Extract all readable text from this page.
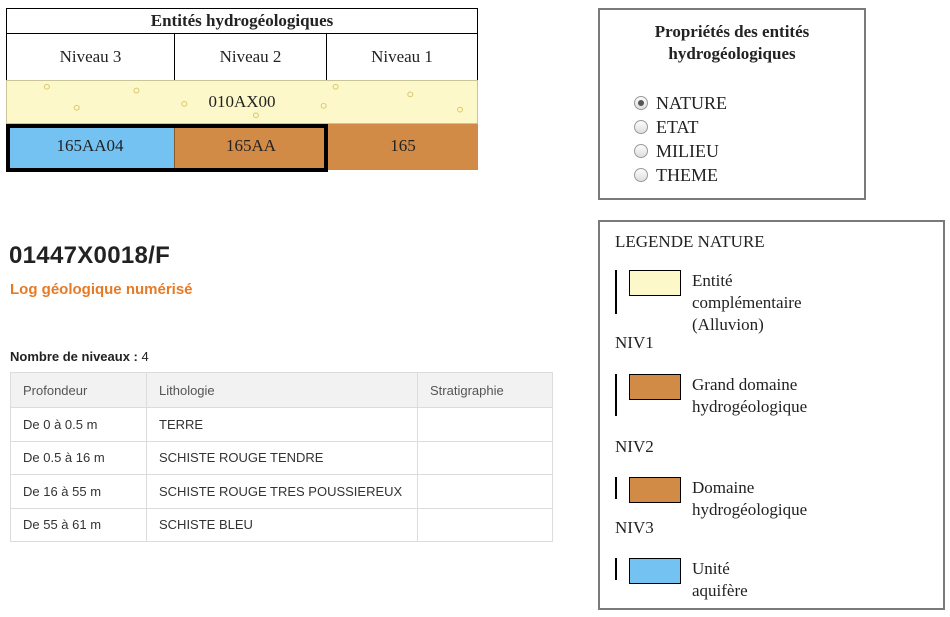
Entités hydrogéologiques
Niveau 3	Niveau 2	Niveau 1
010AX00
165AA04	165AA	165
Propriétés des entités
hydrogéologiques
NATURE
ETAT
MILIEU
THEME
LEGENDE NATURE
Entité complémentaire
(Alluvion)
NIV1
Grand domaine
hydrogéologique
NIV2
Domaine hydrogéologique
NIV3
Unité aquifère
01447X0018/F
Log géologique numérisé
Nombre de niveaux : 4
Profondeur	Lithologie	Stratigraphie
De 0 à 0.5 m	TERRE	
De 0.5 à 16 m	SCHISTE ROUGE TENDRE	
De 16 à 55 m	SCHISTE ROUGE TRES POUSSIEREUX	
De 55 à 61 m	SCHISTE BLEU	
